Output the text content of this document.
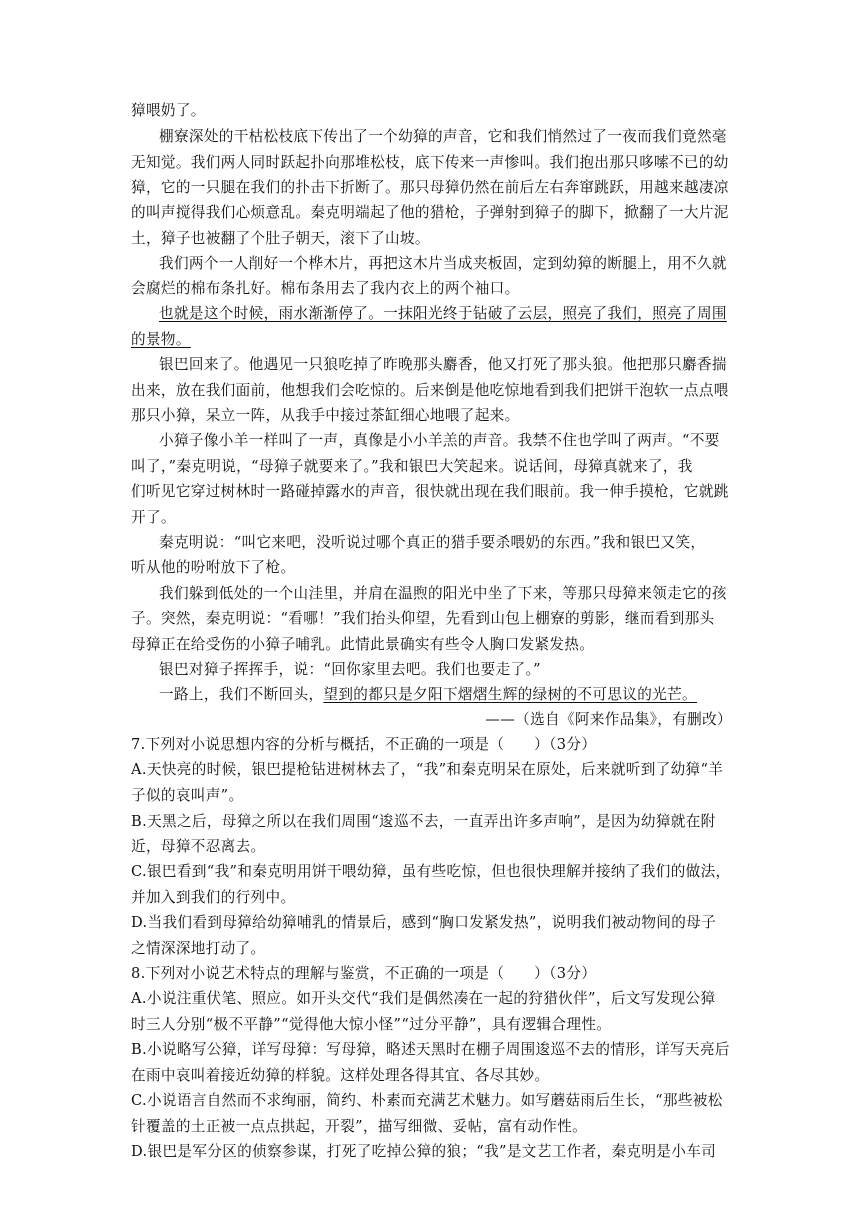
獐喂奶了。
棚寮深处的干枯松枝底下传出了一个幼獐的声音，它和我们悄然过了一夜而我们竟然毫
无知觉。我们两人同时跃起扑向那堆松枝，底下传来一声惨叫。我们抱出那只哆嗦不已的幼
獐，它的一只腿在我们的扑击下折断了。那只母獐仍然在前后左右奔窜跳跃，用越来越凄凉
的叫声搅得我们心烦意乱。秦克明端起了他的猎枪，子弹射到獐子的脚下，掀翻了一大片泥
土，獐子也被翻了个肚子朝天，滚下了山坡。
我们两个一人削好一个桦木片，再把这木片当成夹板固，定到幼獐的断腿上，用不久就
会腐烂的棉布条扎好。棉布条用去了我内衣上的两个袖口。
也就是这个时候，雨水渐渐停了。一抹阳光终于钻破了云层，照亮了我们，照亮了周围
的景物。
银巴回来了。他遇见一只狼吃掉了昨晚那头麝香，他又打死了那头狼。他把那只麝香揣
出来，放在我们面前，他想我们会吃惊的。后来倒是他吃惊地看到我们把饼干泡软一点点喂
那只小獐，呆立一阵，从我手中接过茶缸细心地喂了起来。
小獐子像小羊一样叫了一声，真像是小小羊羔的声音。我禁不住也学叫了两声。“不要
叫了，”秦克明说，“母獐子就要来了。”我和银巴大笑起来。说话间，母獐真就来了，我
们听见它穿过树林时一路碰掉露水的声音，很快就出现在我们眼前。我一伸手摸枪，它就跳
开了。
秦克明说：“叫它来吧，没听说过哪个真正的猎手要杀喂奶的东西。”我和银巴又笑，
听从他的吩咐放下了枪。
我们躲到低处的一个山洼里，并肩在温煦的阳光中坐了下来，等那只母獐来领走它的孩
子。突然，秦克明说：“看哪！”我们抬头仰望，先看到山包上棚寮的剪影，继而看到那头
母獐正在给受伤的小獐子哺乳。此情此景确实有些令人胸口发紧发热。
银巴对獐子挥挥手，说：“回你家里去吧。我们也要走了。”
一路上，我们不断回头，望到的都只是夕阳下熠熠生辉的绿树的不可思议的光芒。
——（选自《阿来作品集》，有删改）
7.下列对小说思想内容的分析与概括，不正确的一项是（　　）（3分）
A.天快亮的时候，银巴提枪钻进树林去了，“我”和秦克明呆在原处，后来就听到了幼獐“羊
子似的哀叫声”。
B.天黑之后，母獐之所以在我们周围“逡巡不去，一直弄出许多声响”，是因为幼獐就在附
近，母獐不忍离去。
C.银巴看到“我”和秦克明用饼干喂幼獐，虽有些吃惊，但也很快理解并接纳了我们的做法，
并加入到我们的行列中。
D.当我们看到母獐给幼獐哺乳的情景后，感到“胸口发紧发热”，说明我们被动物间的母子
之情深深地打动了。
8.下列对小说艺术特点的理解与鉴赏，不正确的一项是（　　）（3分）
A.小说注重伏笔、照应。如开头交代“我们是偶然凑在一起的狩猎伙伴”，后文写发现公獐
时三人分别“极不平静”“觉得他大惊小怪”“过分平静”，具有逻辑合理性。
B.小说略写公獐，详写母獐：写母獐，略述天黑时在棚子周围逡巡不去的情形，详写天亮后
在雨中哀叫着接近幼獐的样貌。这样处理各得其宜、各尽其妙。
C.小说语言自然而不求绚丽，简约、朴素而充满艺术魅力。如写蘑菇雨后生长，“那些被松
针覆盖的土正被一点点拱起，开裂”，描写细微、妥帖，富有动作性。
D.银巴是军分区的侦察参谋，打死了吃掉公獐的狼；“我”是文艺工作者，秦克明是小车司
